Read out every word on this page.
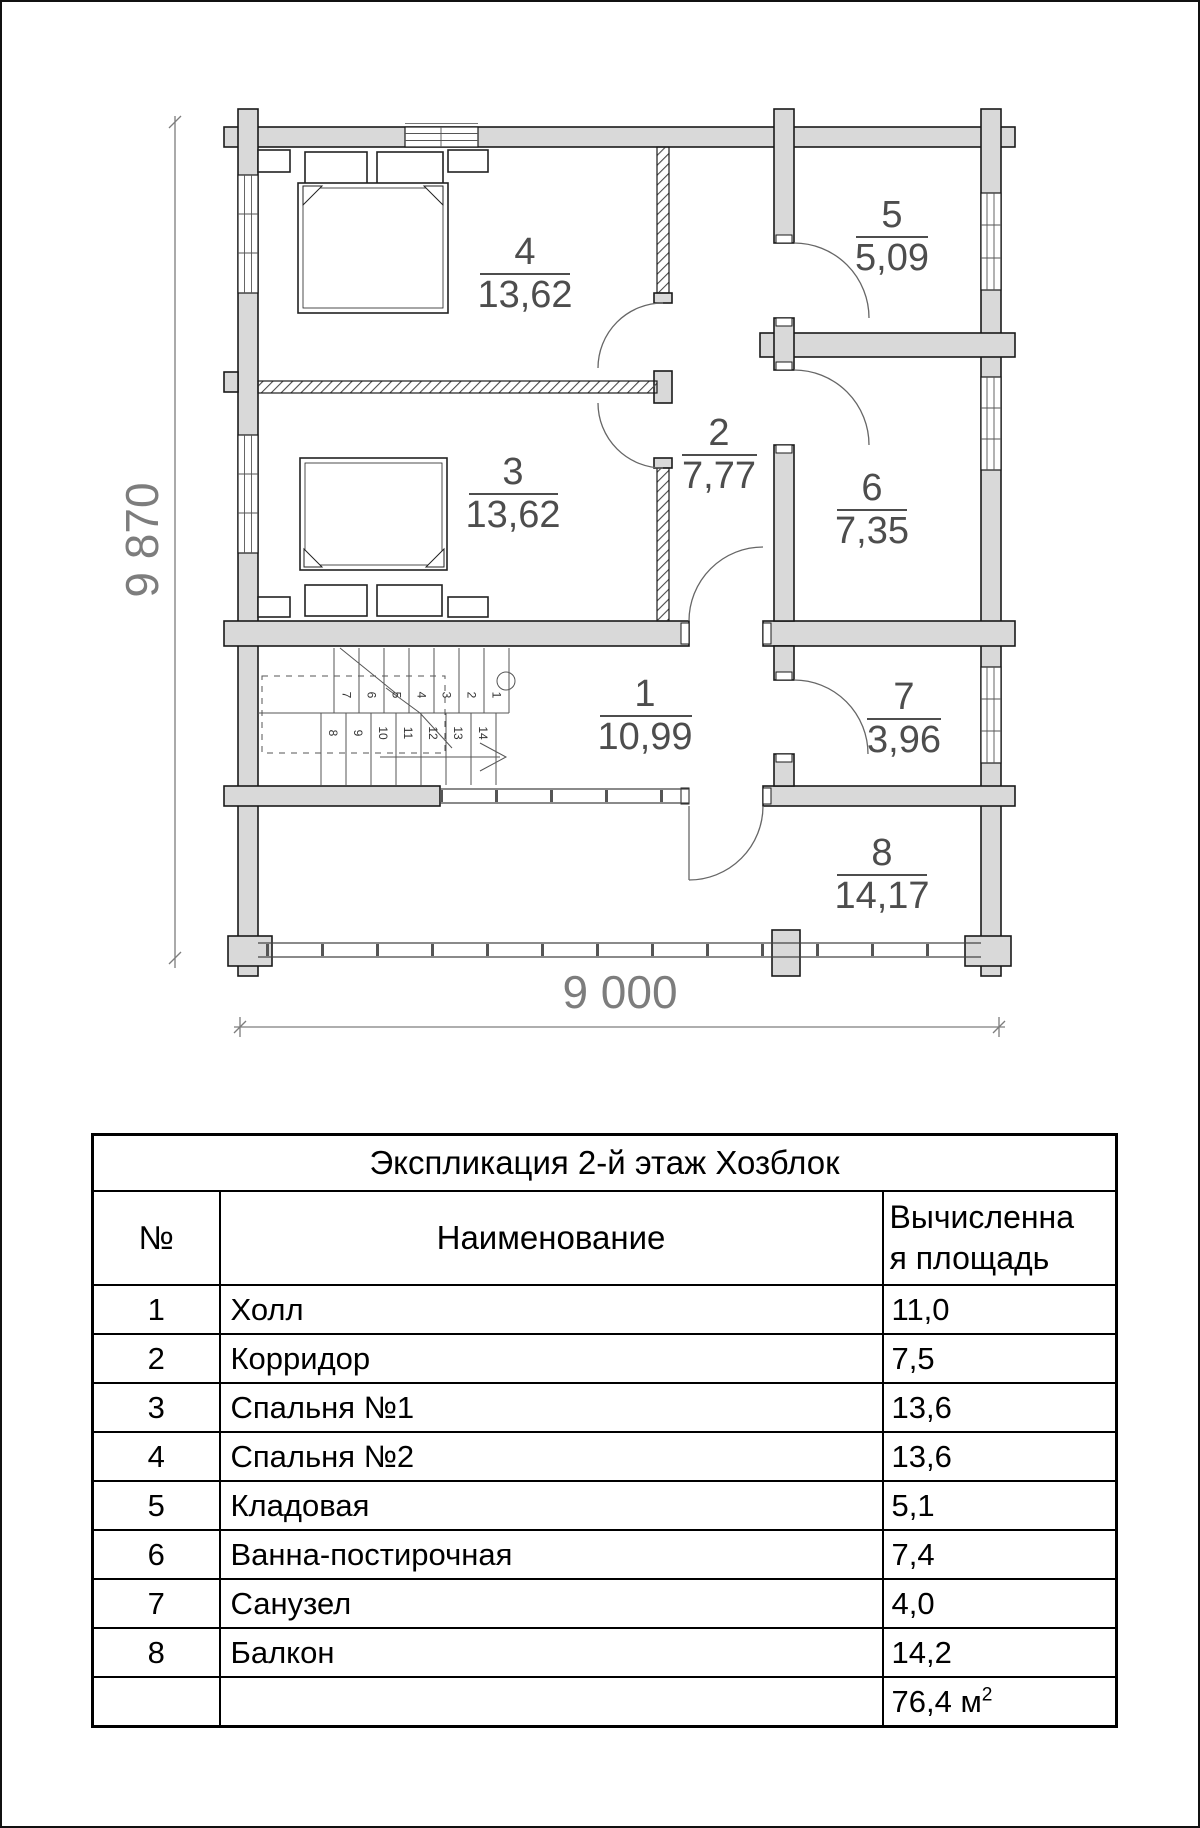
1
2
3
4
5
6
7
8 9 10 11 12 13 14
1
10,99
2
7,77
3
13,62
4
13,62
5
5,09
6
7,35
7
3,96
8
14,17
9 870
9 000
Экспликация 2-й этаж Хозблок		
№	Наименование	Вычисленна
я площадь

1	Холл	11,0
2	Корридор	7,5
3	Спальня №1	13,6
4	Спальня №2	13,6
5	Кладовая	5,1
6	Ванна-постирочная	7,4
7	Санузел	4,0
8	Балкон	14,2
		76,4 $м^2$
